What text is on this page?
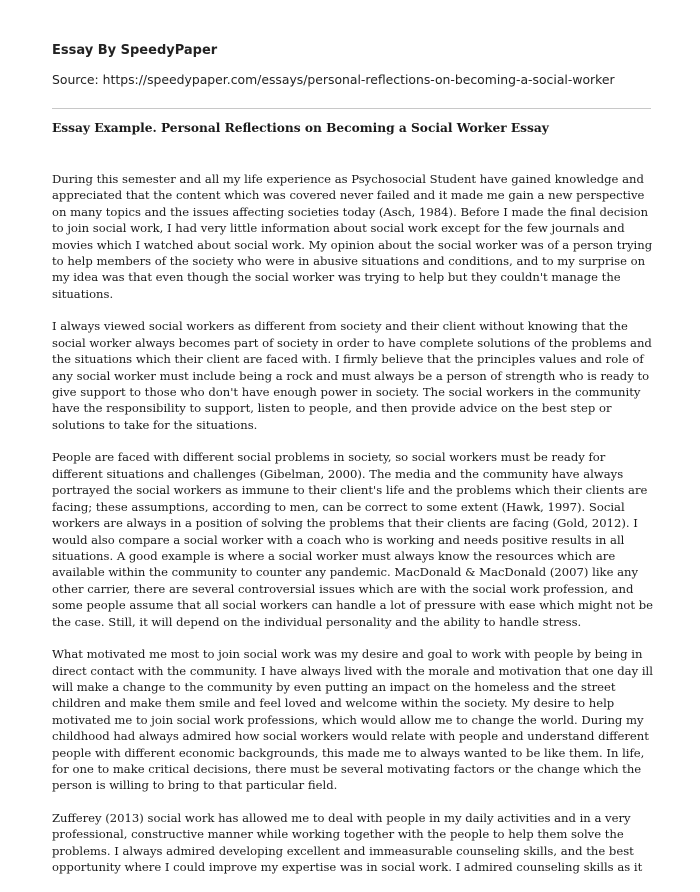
Essay By SpeedyPaper
Source: https://speedypaper.com/essays/personal-reflections-on-becoming-a-social-worker
Essay Example. Personal Reflections on Becoming a Social Worker Essay

During this semester and all my life experience as Psychosocial Student have gained knowledge and appreciated that the content which was covered never failed and it made me gain a new perspective on many topics and the issues affecting societies today (Asch, 1984). Before I made the final decision to join social work, I had very little information about social work except for the few journals and movies which I watched about social work. My opinion about the social worker was of a person trying to help members of the society who were in abusive situations and conditions, and to my surprise on my idea was that even though the social worker was trying to help but they couldn't manage the situations.

I always viewed social workers as different from society and their client without knowing that the social worker always becomes part of society in order to have complete solutions of the problems and the situations which their client are faced with. I firmly believe that the principles values and role of any social worker must include being a rock and must always be a person of strength who is ready to give support to those who don't have enough power in society. The social workers in the community have the responsibility to support, listen to people, and then provide advice on the best step or solutions to take for the situations.

People are faced with different social problems in society, so social workers must be ready for different situations and challenges (Gibelman, 2000). The media and the community have always portrayed the social workers as immune to their client's life and the problems which their clients are facing; these assumptions, according to men, can be correct to some extent (Hawk, 1997). Social workers are always in a position of solving the problems that their clients are facing (Gold, 2012). I would also compare a social worker with a coach who is working and needs positive results in all situations. A good example is where a social worker must always know the resources which are available within the community to counter any pandemic. MacDonald & MacDonald (2007) like any other carrier, there are several controversial issues which are with the social work profession, and some people assume that all social workers can handle a lot of pressure with ease which might not be the case. Still, it will depend on the individual personality and the ability to handle stress.

What motivated me most to join social work was my desire and goal to work with people by being in direct contact with the community. I have always lived with the morale and motivation that one day ill will make a change to the community by even putting an impact on the homeless and the street children and make them smile and feel loved and welcome within the society. My desire to help motivated me to join social work professions, which would allow me to change the world. During my childhood had always admired how social workers would relate with people and understand different people with different economic backgrounds, this made me to always wanted to be like them. In life, for one to make critical decisions, there must be several motivating factors or the change which the person is willing to bring to that particular field.

Zufferey (2013) social work has allowed me to deal with people in my daily activities and in a very professional, constructive manner while working together with the people to help them solve the problems. I always admired developing excellent and immeasurable counseling skills, and the best opportunity where I could improve my expertise was in social work. I admired counseling skills as it
